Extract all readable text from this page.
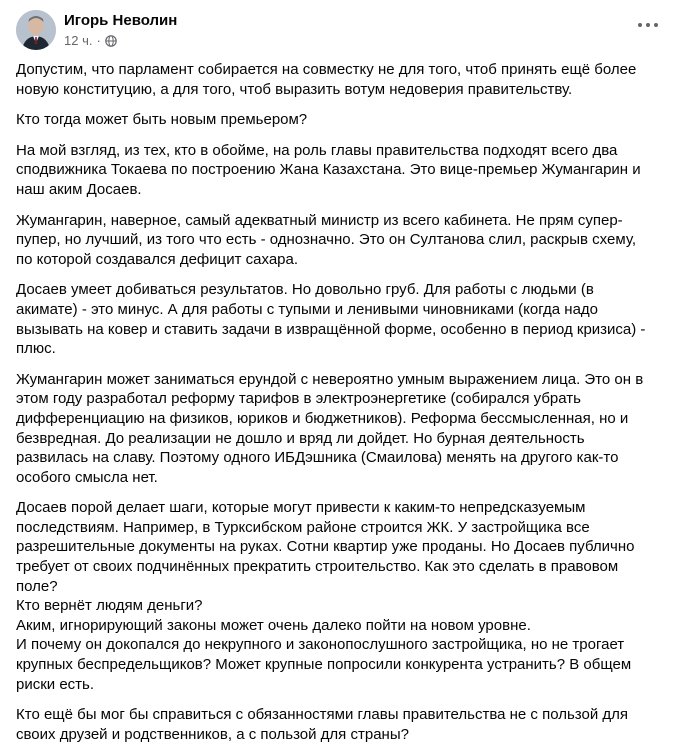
Игорь Неволин
12 ч. ·

Допустим, что парламент собирается на совместку не для того, чтоб принять ещё более новую конституцию, а для того, чтоб выразить вотум недоверия правительству.

Кто тогда может быть новым премьером?

На мой взгляд, из тех, кто в обойме, на роль главы правительства подходят всего два сподвижника Токаева по построению Жана Казахстана. Это вице-премьер Жумангарин и наш аким Досаев.

Жумангарин, наверное, самый адекватный министр из всего кабинета. Не прям супер-пупер, но лучший, из того что есть - однозначно. Это он Султанова слил, раскрыв схему, по которой создавался дефицит сахара.

Досаев умеет добиваться результатов. Но довольно груб. Для работы с людьми (в акимате) - это минус. А для работы с тупыми и ленивыми чиновниками (когда надо вызывать на ковер и ставить задачи в извращённой форме, особенно в период кризиса) - плюс.

Жумангарин может заниматься ерундой с невероятно умным выражением лица. Это он в этом году разработал реформу тарифов в электроэнергетике (собиралcя убрать дифференциацию на физиков, юриков и бюджетников). Реформа бессмысленная, но и безвредная. До реализации не дошло и вряд ли дойдет. Но бурная деятельность развилась на славу. Поэтому одного ИБДэшника (Смаилова) менять на другого как-то особого смысла нет.

Досаев порой делает шаги, которые могут привести к каким-то непредсказуемым последствиям. Например, в Турксибском районе строится ЖК. У застройщика все разрешительные документы на руках. Сотни квартир уже проданы. Но Досаев публично требует от своих подчинённых прекратить строительство. Как это сделать в правовом поле?
Кто вернёт людям деньги?
Аким, игнорирующий законы может очень далеко пойти на новом уровне.
И почему он докопался до некрупного и законопослушного застройщика, но не трогает крупных беспредельщиков? Может крупные попросили конкурента устранить? В общем риски есть.

Кто ещё бы мог бы справиться с обязанностями главы правительства не с пользой для своих друзей и родственников, а с пользой для страны?
